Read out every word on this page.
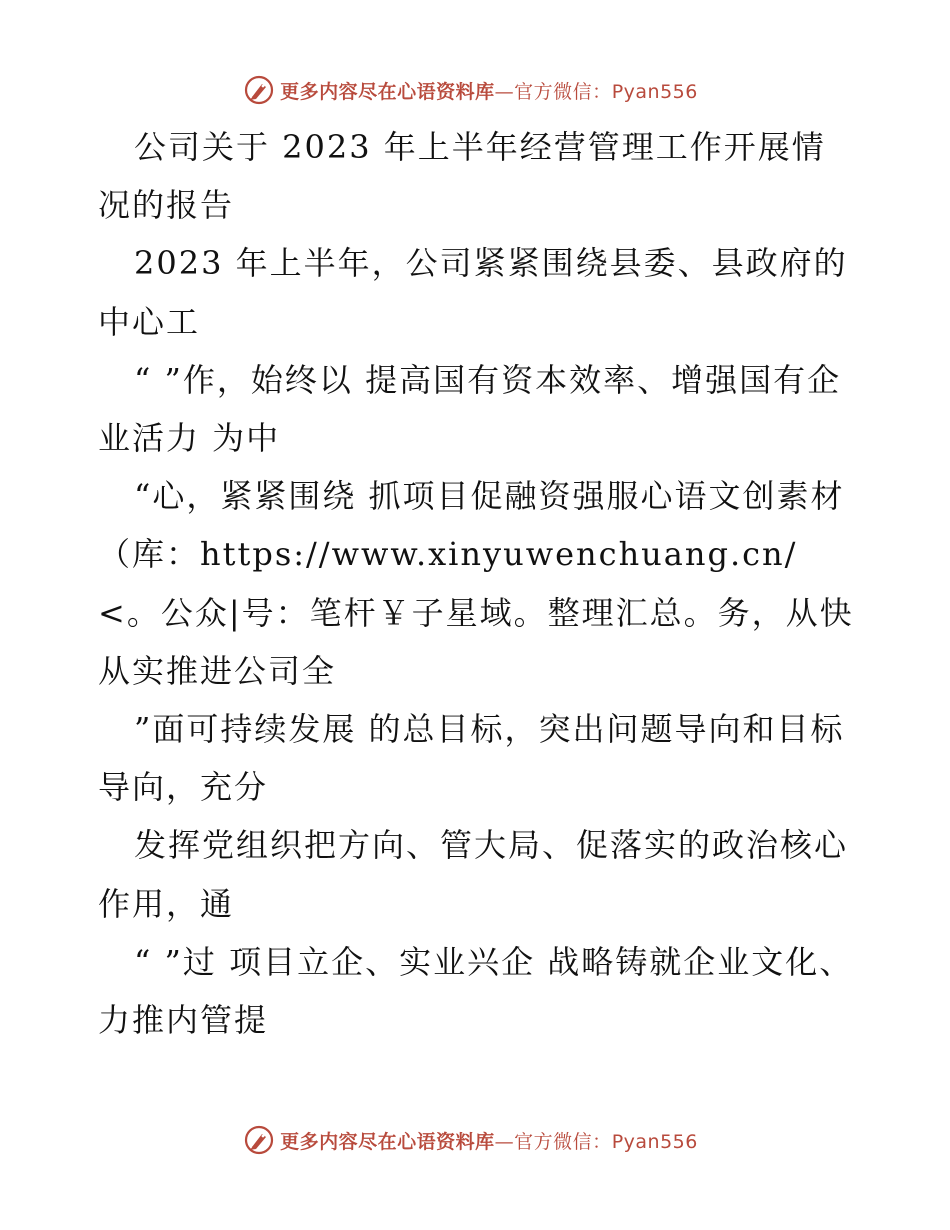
更多内容尽在心语资料库—官方微信：Pyan556

公司关于 2023 年上半年经营管理工作开展情况的报告

2023 年上半年，公司紧紧围绕县委、县政府的中心工

“ ”作，始终以 提高国有资本效率、增强国有企业活力 为中

“心，紧紧围绕 抓项目促融资强服心语文创素材（库：https://www.xinyuwenchuang.cn/<。公众|号：笔杆￥子星域。整理汇总。务，从快从实推进公司全

”面可持续发展 的总目标，突出问题导向和目标导向，充分

发挥党组织把方向、管大局、促落实的政治核心作用，通

“ ”过 项目立企、实业兴企 战略铸就企业文化、力推内管提

更多内容尽在心语资料库—官方微信：Pyan556
